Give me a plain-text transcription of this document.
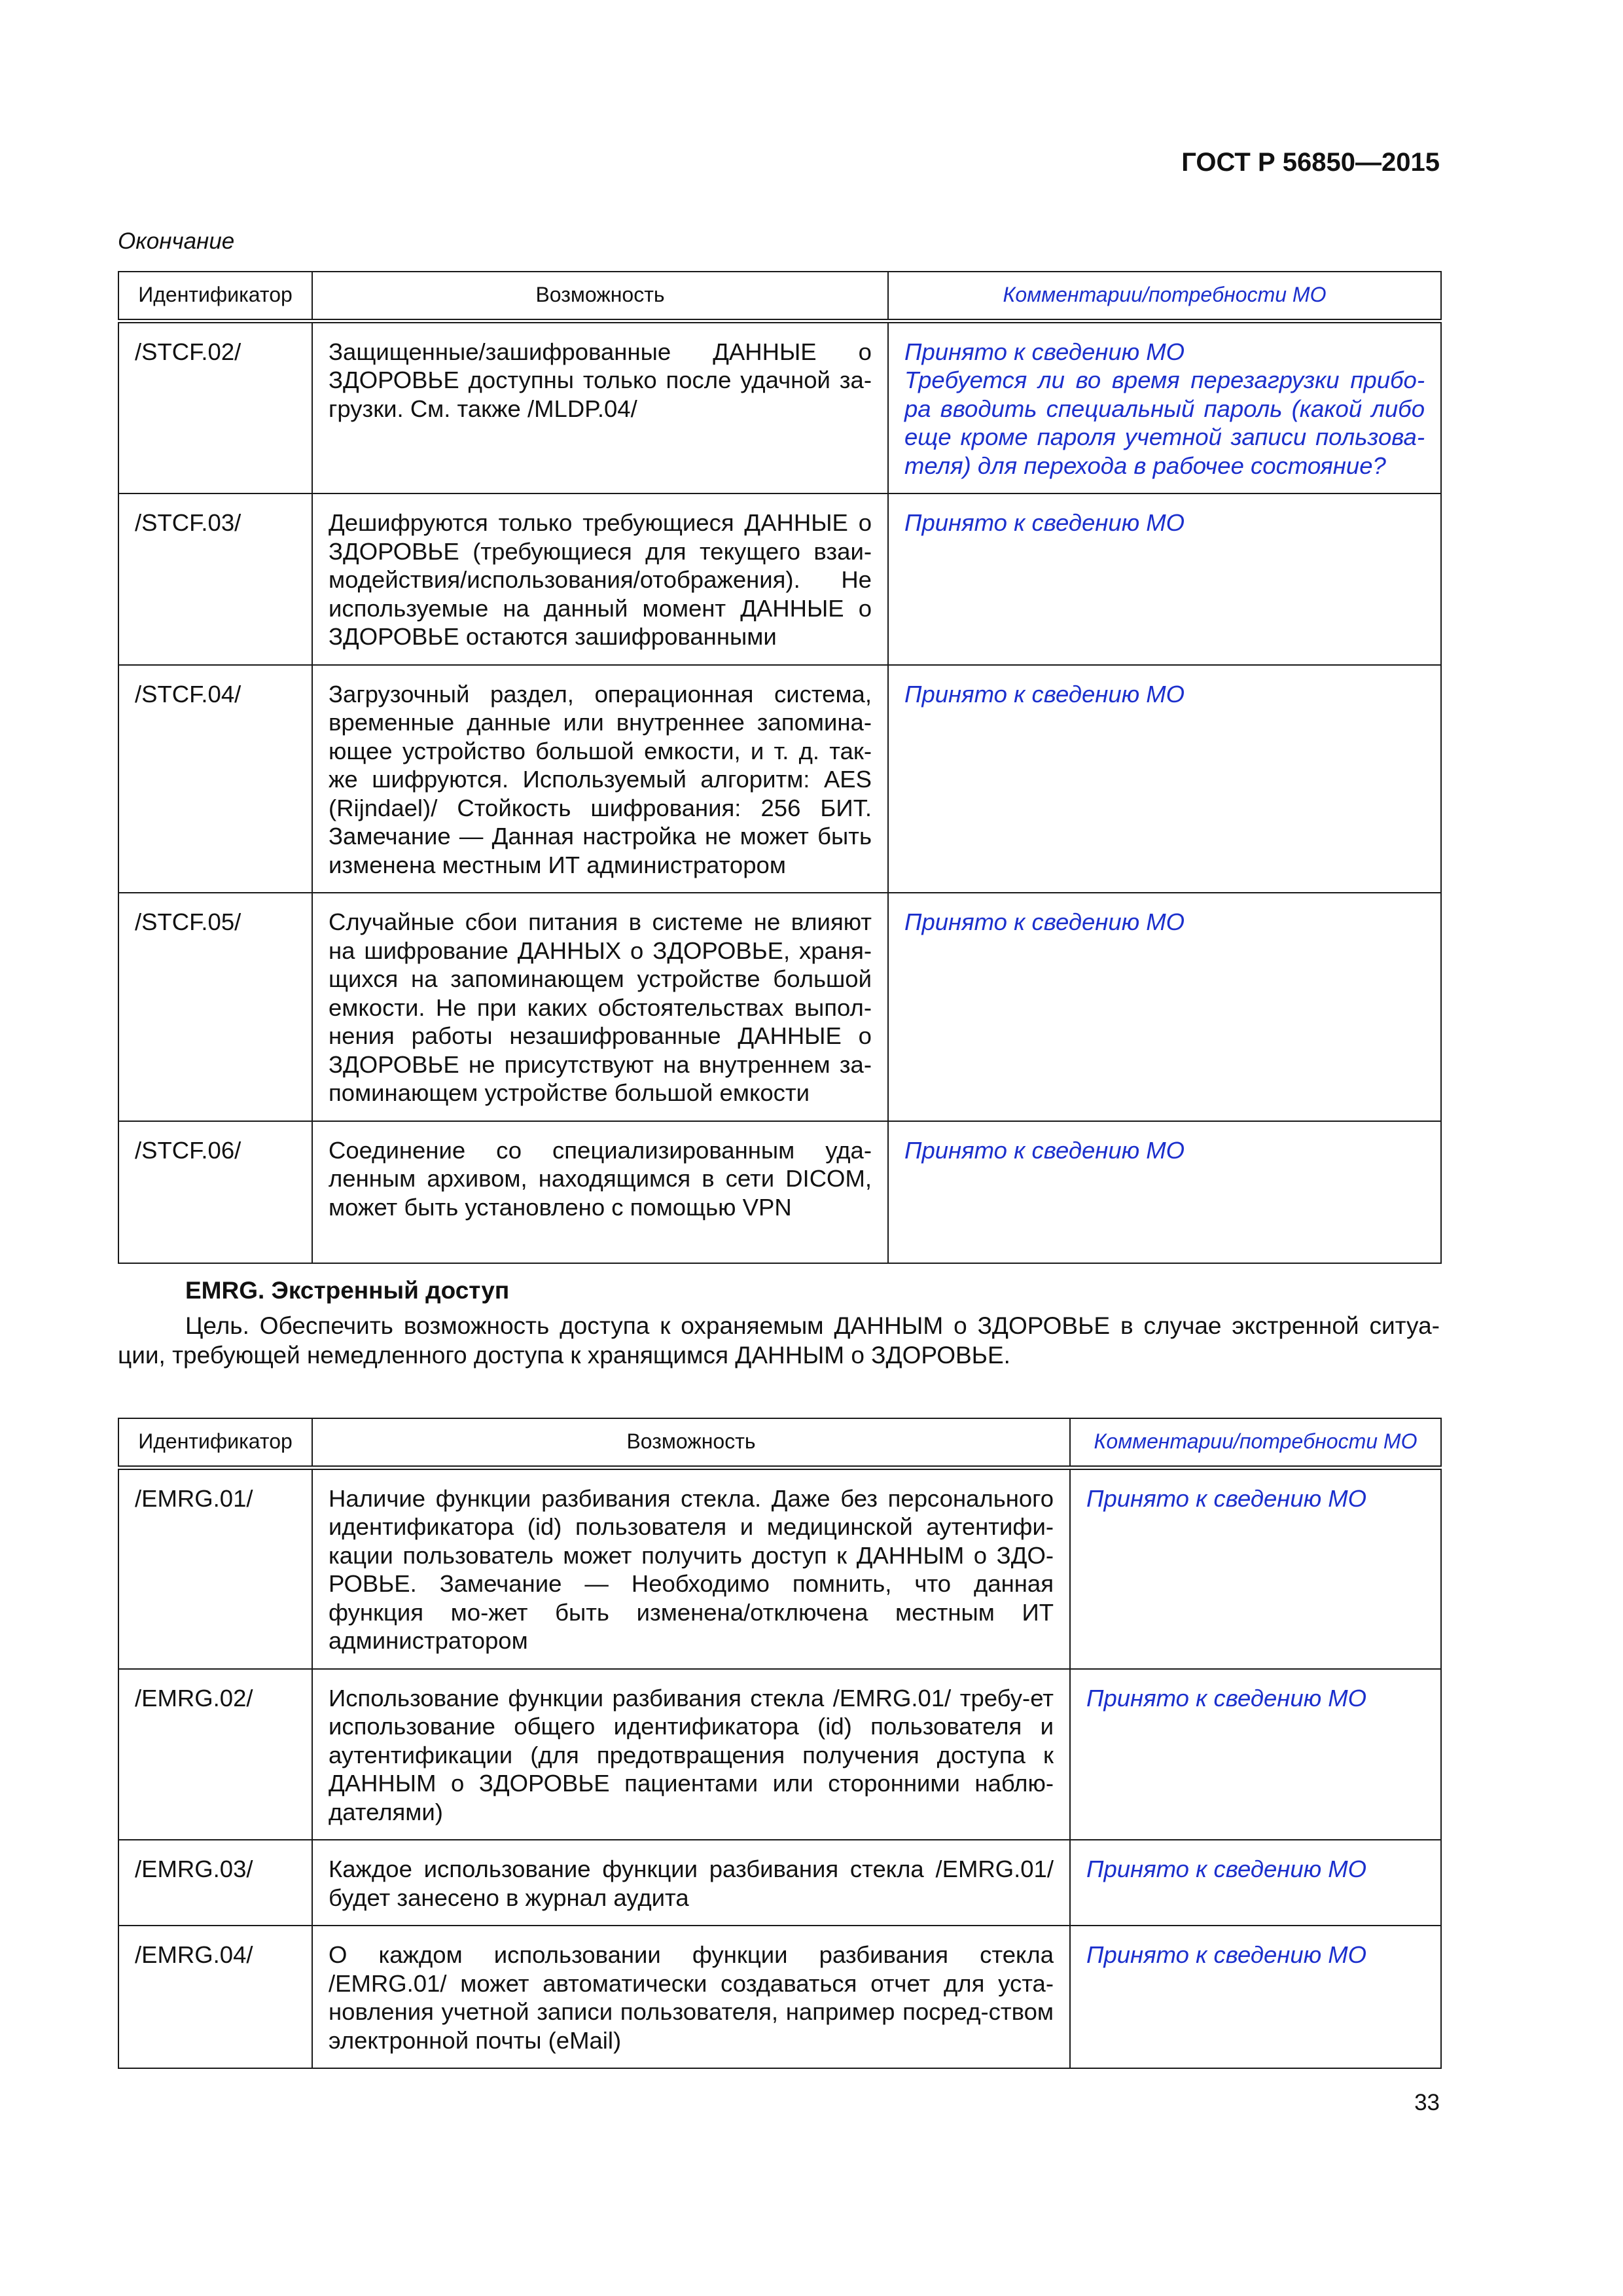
ГОСТ Р 56850—2015
Окончание
Идентификатор	Возможность	Комментарии/потребности МО
/STCF.02/	Защищенные/зашифрованные ДАННЫЕ о ЗДОРОВЬЕ доступны только после удачной за-грузки. См. также /MLDP.04/	Принято к сведению МО
Требуется ли во время перезагрузки прибо-ра вводить специальный пароль (какой либо еще кроме пароля учетной записи пользова-теля) для перехода в рабочее состояние?

/STCF.03/	Дешифруются только требующиеся ДАННЫЕ о ЗДОРОВЬЕ (требующиеся для текущего взаи-модействия/использования/отображения). Не используемые на данный момент ДАННЫЕ о ЗДОРОВЬЕ остаются зашифрованными	Принято к сведению МО
/STCF.04/	Загрузочный раздел, операционная система, временные данные или внутреннее запомина-ющее устройство большой емкости, и т. д. так-же шифруются. Используемый алгоритм: AES (Rijndael)/ Стойкость шифрования: 256 БИТ. Замечание — Данная настройка не может быть изменена местным ИТ администратором	Принято к сведению МО
/STCF.05/	Случайные сбои питания в системе не влияют на шифрование ДАННЫХ о ЗДОРОВЬЕ, храня-щихся на запоминающем устройстве большой емкости. Не при каких обстоятельствах выпол-нения работы незашифрованные ДАННЫЕ о ЗДОРОВЬЕ не присутствуют на внутреннем за-поминающем устройстве большой емкости	Принято к сведению МО
/STCF.06/	Соединение со специализированным уда-ленным архивом, находящимся в сети DICOM, может быть установлено с помощью VPN	Принято к сведению МО
EMRG. Экстренный доступ
Цель. Обеспечить возможность доступа к охраняемым ДАННЫМ о ЗДОРОВЬЕ в случае экстренной ситуа-ции, требующей немедленного доступа к хранящимся ДАННЫМ о ЗДОРОВЬЕ.
Идентификатор	Возможность	Комментарии/потребности МО
/EMRG.01/	Наличие функции разбивания стекла. Даже без персонального идентификатора (id) пользователя и медицинской аутентифи-кации пользователь может получить доступ к ДАННЫМ о ЗДО-РОВЬЕ. Замечание — Необходимо помнить, что данная функция мо-жет быть изменена/отключена местным ИТ администратором	Принято к сведению МО
/EMRG.02/	Использование функции разбивания стекла /EMRG.01/ требу-ет использование общего идентификатора (id) пользователя и аутентификации (для предотвращения получения доступа к ДАННЫМ о ЗДОРОВЬЕ пациентами или сторонними наблю-дателями)	Принято к сведению МО
/EMRG.03/	Каждое использование функции разбивания стекла /EMRG.01/ будет занесено в журнал аудита	Принято к сведению МО
/EMRG.04/	О каждом использовании функции разбивания стекла /EMRG.01/ может автоматически создаваться отчет для уста-новления учетной записи пользователя, например посред-ством электронной почты (eMail)	Принято к сведению МО
33
